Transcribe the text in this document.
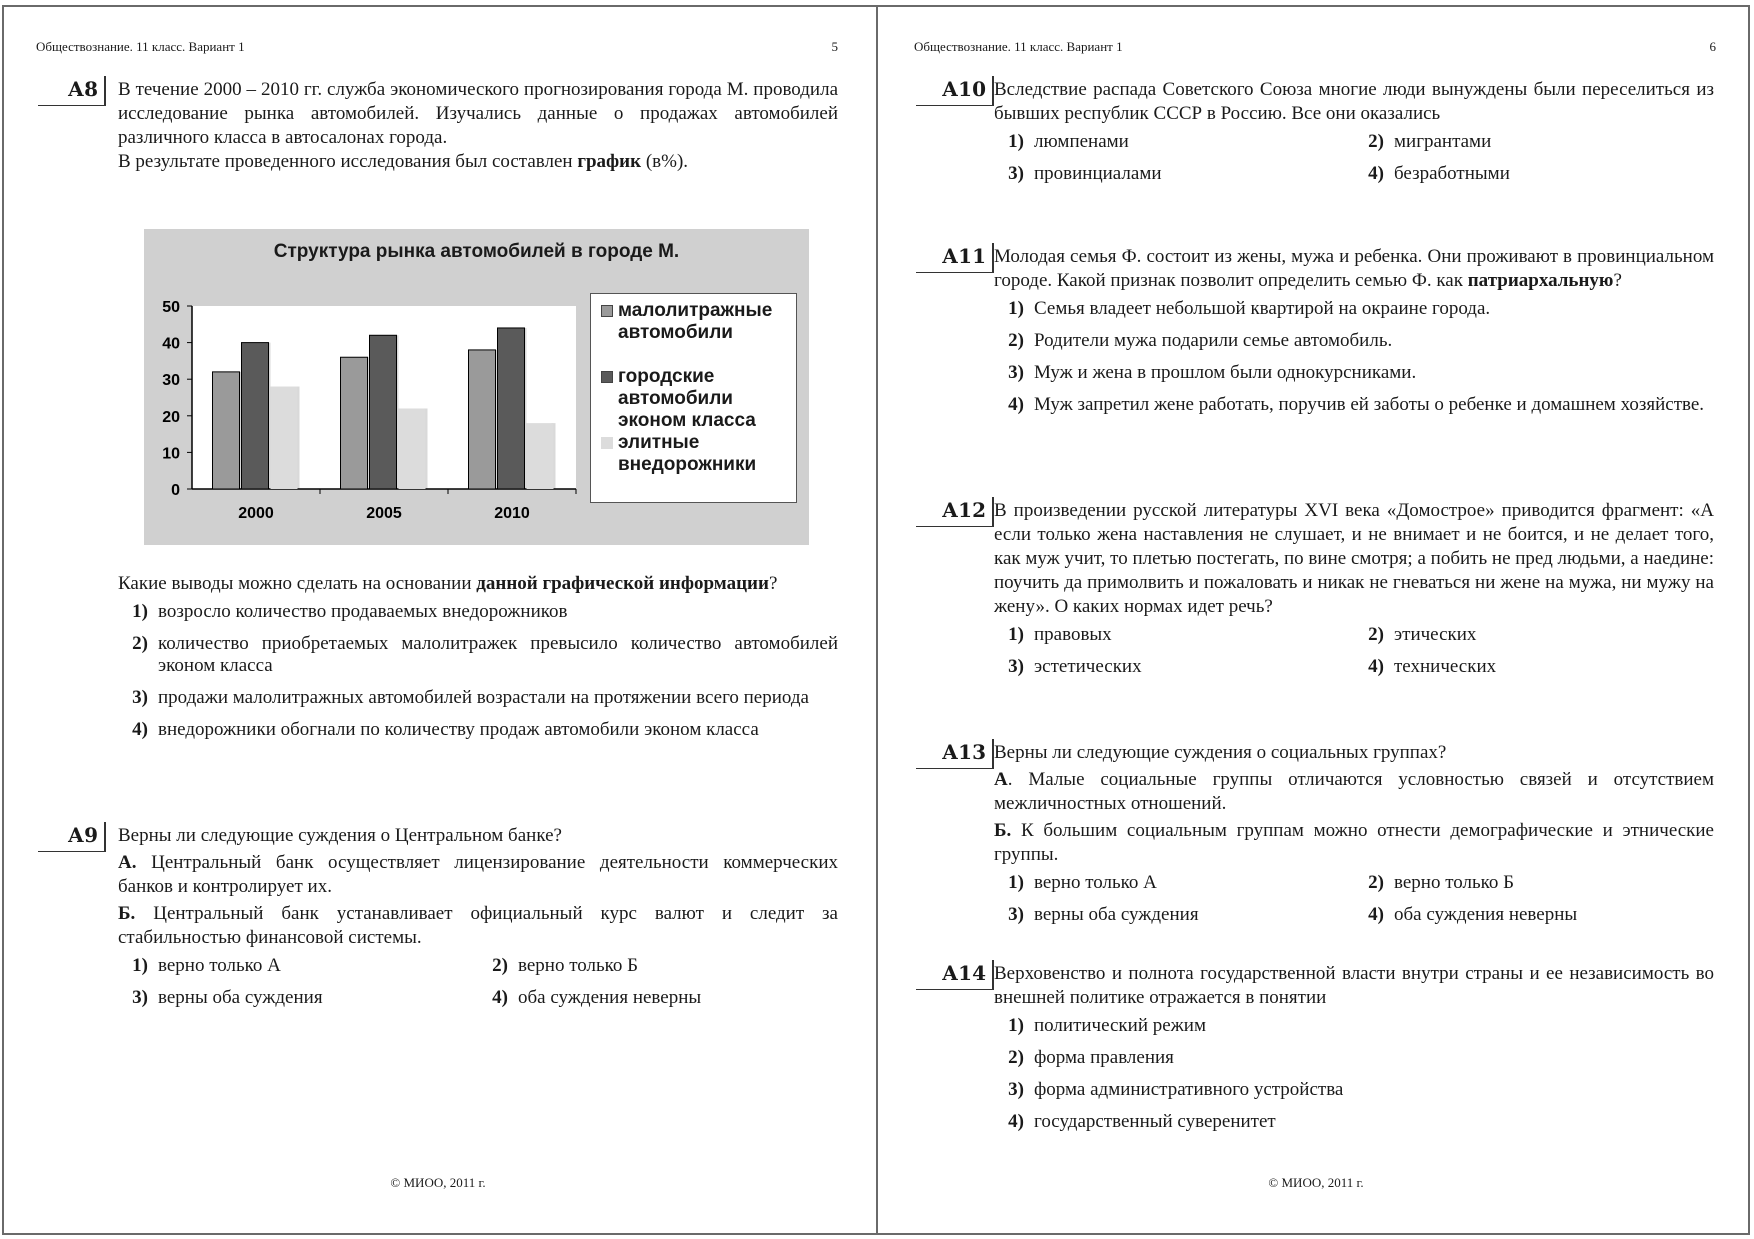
Обществознание. 11 класс. Вариант 1	5
А8 В течение 2000 – 2010 гг. служба экономического прогнозирования города М. проводила исследование рынка автомобилей. Изучались данные о продажах автомобилей различного класса в автосалонах города.

В результате проведенного исследования был составлен график (в%).

Структура рынка автомобилей в городе М.
0
10
20
30
40
50
2000	2005	2010
малолитражные
автомобили
городские
автомобили
эконом класса
элитные
внедорожники

Какие выводы можно сделать на основании данной графической информации?

1) возросло количество продаваемых внедорожников
2) количество приобретаемых малолитражек превысило количество автомобилей эконом класса
3) продажи малолитражных автомобилей возрастали на протяжении всего периода
4) внедорожники обогнали по количеству продаж автомобили эконом класса
А9 Верны ли следующие суждения о Центральном банке?

А. Центральный банк осуществляет лицензирование деятельности коммерческих банков и контролирует их.

Б. Центральный банк устанавливает официальный курс валют и следит за стабильностью финансовой системы.

1) верно только А	2) верно только Б
3) верны оба суждения	4) оба суждения неверны
© МИОО, 2011 г.
Обществознание. 11 класс. Вариант 1	6
А10 Вследствие распада Советского Союза многие люди вынуждены были переселиться из бывших республик СССР в Россию. Все они оказались

1) люмпенами	2) мигрантами
3) провинциалами	4) безработными
А11 Молодая семья Ф. состоит из жены, мужа и ребенка. Они проживают в провинциальном городе. Какой признак позволит определить семью Ф. как патриархальную?

1) Семья владеет небольшой квартирой на окраине города.
2) Родители мужа подарили семье автомобиль.
3) Муж и жена в прошлом были однокурсниками.
4) Муж запретил жене работать, поручив ей заботы о ребенке и домашнем хозяйстве.
А12 В произведении русской литературы XVI века «Домострое» приводится фрагмент: «А если только жена наставления не слушает, и не внимает и не боится, и не делает того, как муж учит, то плетью постегать, по вине смотря; а побить не пред людьми, а наедине: поучить да примолвить и пожаловать и никак не гневаться ни жене на мужа, ни мужу на жену». О каких нормах идет речь?

1) правовых	2) этических
3) эстетических	4) технических
А13 Верны ли следующие суждения о социальных группах?

А. Малые социальные группы отличаются условностью связей и отсутствием межличностных отношений.

Б. К большим социальным группам можно отнести демографические и этнические группы.

1) верно только А	2) верно только Б
3) верны оба суждения	4) оба суждения неверны
А14 Верховенство и полнота государственной власти внутри страны и ее независимость во внешней политике отражается в понятии

1) политический режим
2) форма правления
3) форма административного устройства
4) государственный суверенитет
© МИОО, 2011 г.
